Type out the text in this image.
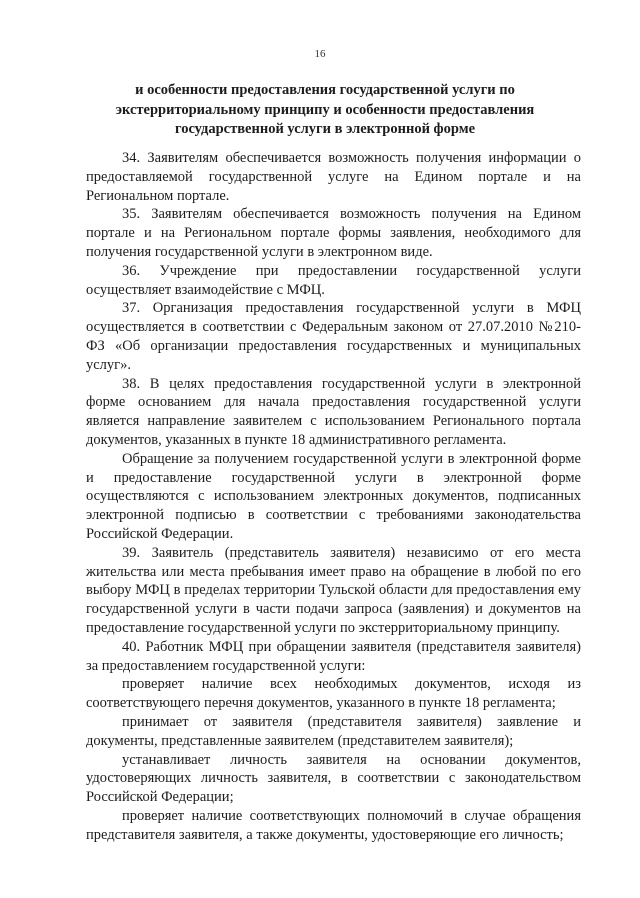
16
и особенности предоставления государственной услуги по экстерриториальному принципу и особенности предоставления государственной услуги в электронной форме

34. Заявителям обеспечивается возможность получения информации о предоставляемой государственной услуге на Едином портале и на Региональном портале.

35. Заявителям обеспечивается возможность получения на Едином портале и на Региональном портале формы заявления, необходимого для получения государственной услуги в электронном виде.

36. Учреждение при предоставлении государственной услуги осуществляет взаимодействие с МФЦ.

37. Организация предоставления государственной услуги в МФЦ осуществляется в соответствии с Федеральным законом от 27.07.2010 №210-ФЗ «Об организации предоставления государственных и муниципальных услуг».

38. В целях предоставления государственной услуги в электронной форме основанием для начала предоставления государственной услуги является направление заявителем с использованием Регионального портала документов, указанных в пункте 18 административного регламента.

Обращение за получением государственной услуги в электронной форме и предоставление государственной услуги в электронной форме осуществляются с использованием электронных документов, подписанных электронной подписью в соответствии с требованиями законодательства Российской Федерации.

39. Заявитель (представитель заявителя) независимо от его места жительства или места пребывания имеет право на обращение в любой по его выбору МФЦ в пределах территории Тульской области для предоставления ему государственной услуги в части подачи запроса (заявления) и документов на предоставление государственной услуги по экстерриториальному принципу.

40. Работник МФЦ при обращении заявителя (представителя заявителя) за предоставлением государственной услуги:

проверяет наличие всех необходимых документов, исходя из соответствующего перечня документов, указанного в пункте 18 регламента;

принимает от заявителя (представителя заявителя) заявление и документы, представленные заявителем (представителем заявителя);

устанавливает личность заявителя на основании документов, удостоверяющих личность заявителя, в соответствии с законодательством Российской Федерации;

проверяет наличие соответствующих полномочий в случае обращения представителя заявителя, а также документы, удостоверяющие его личность;
